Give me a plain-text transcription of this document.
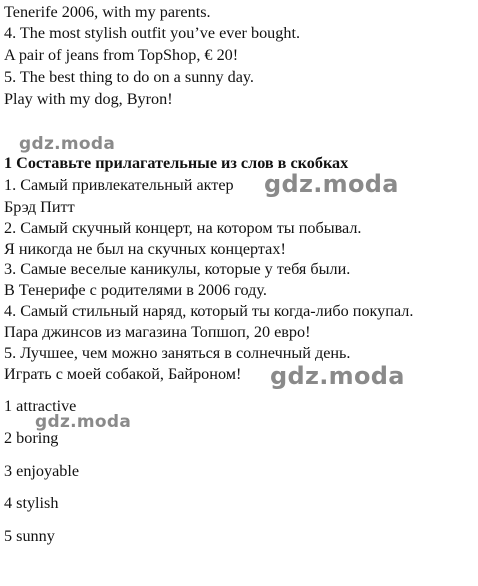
Tenerife 2006, with my parents.

4. The most stylish outfit you’ve ever bought.

A pair of jeans from TopShop, € 20!

5. The best thing to do on a sunny day.

Play with my dog, Byron!

gdz.moda

1 Составьте прилагательные из слов в скобках

1. Самый привлекательный актер gdz.moda

Брэд Питт

2. Самый скучный концерт, на котором ты побывал.

Я никогда не был на скучных концертах!

3. Самые веселые каникулы, которые у тебя были.

В Тенерифе с родителями в 2006 году.

4. Самый стильный наряд, который ты когда-либо покупал.

Пара джинсов из магазина Топшоп, 20 евро!

5. Лучшее, чем можно заняться в солнечный день.

Играть с моей собакой, Байроном! gdz.moda

1 attractive

gdz.moda

2 boring

3 enjoyable

4 stylish

5 sunny
